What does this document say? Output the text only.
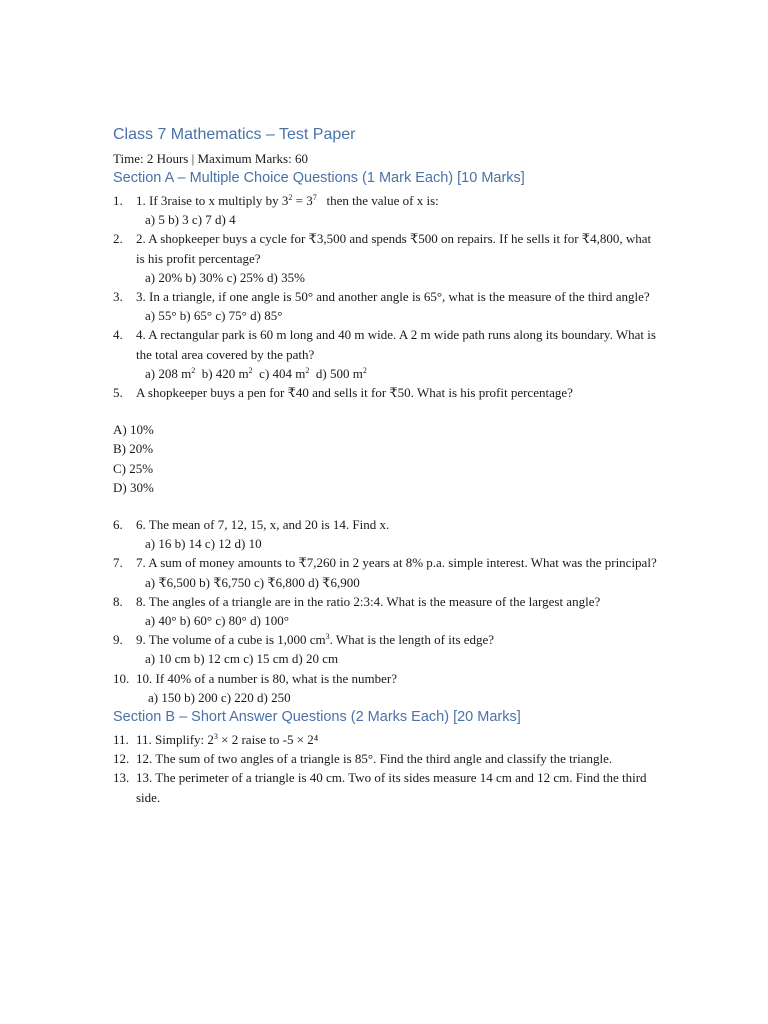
Class 7 Mathematics – Test Paper
Time: 2 Hours | Maximum Marks: 60
Section A – Multiple Choice Questions (1 Mark Each) [10 Marks]
1. 1. If 3raise to x multiply by $3^2 = 3^7$   then the value of x is:
a) 5 b) 3 c) 7 d) 4
2. 2. A shopkeeper buys a cycle for ₹3,500 and spends ₹500 on repairs. If he sells it for ₹4,800, what is his profit percentage?
a) 20% b) 30% c) 25% d) 35%
3. 3. In a triangle, if one angle is 50° and another angle is 65°, what is the measure of the third angle?
a) 55° b) 65° c) 75° d) 85°
4. 4. A rectangular park is 60 m long and 40 m wide. A 2 m wide path runs along its boundary. What is the total area covered by the path?
a) 208 $m^2$  b) 420 $m^2$  c) 404 $m^2$  d) 500 $m^2$
5. A shopkeeper buys a pen for ₹40 and sells it for ₹50. What is his profit percentage?
A) 10%
B) 20%
C) 25%
D) 30%
6. 6. The mean of 7, 12, 15, x, and 20 is 14. Find x.
a) 16 b) 14 c) 12 d) 10
7. 7. A sum of money amounts to ₹7,260 in 2 years at 8% p.a. simple interest. What was the principal?
a) ₹6,500 b) ₹6,750 c) ₹6,800 d) ₹6,900
8. 8. The angles of a triangle are in the ratio 2:3:4. What is the measure of the largest angle?
a) 40° b) 60° c) 80° d) 100°
9. 9. The volume of a cube is 1,000 $cm^3$. What is the length of its edge?
a) 10 cm b) 12 cm c) 15 cm d) 20 cm
10. 10. If 40% of a number is 80, what is the number?
a) 150 b) 200 c) 220 d) 250
Section B – Short Answer Questions (2 Marks Each) [20 Marks]
11. 11. Simplify: $2^3 \times 2$ raise to -5 × 2⁴
12. 12. The sum of two angles of a triangle is 85°. Find the third angle and classify the triangle.
13. 13. The perimeter of a triangle is 40 cm. Two of its sides measure 14 cm and 12 cm. Find the third side.
